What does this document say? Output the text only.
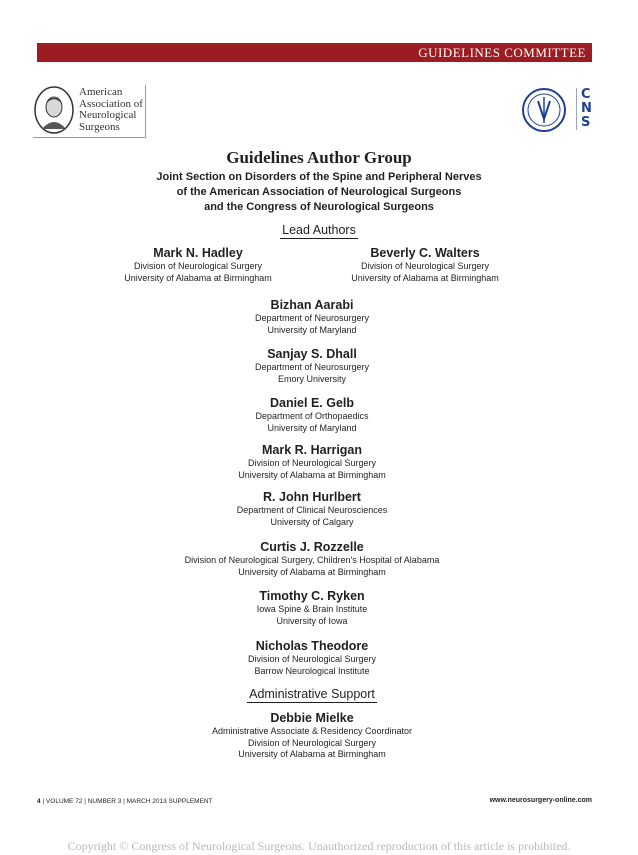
GUIDELINES COMMITTEE
American
Association of
Neurological
Surgeons
C
N
S
Guidelines Author Group
Joint Section on Disorders of the Spine and Peripheral Nerves
of the American Association of Neurological Surgeons
and the Congress of Neurological Surgeons
Lead Authors
Mark N. Hadley
Division of Neurological Surgery
University of Alabama at Birmingham
Beverly C. Walters
Division of Neurological Surgery
University of Alabama at Birmingham
Bizhan Aarabi
Department of Neurosurgery
University of Maryland
Sanjay S. Dhall
Department of Neurosurgery
Emory University
Daniel E. Gelb
Department of Orthopaedics
University of Maryland
Mark R. Harrigan
Division of Neurological Surgery
University of Alabama at Birmingham
R. John Hurlbert
Department of Clinical Neurosciences
University of Calgary
Curtis J. Rozzelle
Division of Neurological Surgery, Children's Hospital of Alabama
University of Alabama at Birmingham
Timothy C. Ryken
Iowa Spine & Brain Institute
University of Iowa
Nicholas Theodore
Division of Neurological Surgery
Barrow Neurological Institute
Administrative Support
Debbie Mielke
Administrative Associate & Residency Coordinator
Division of Neurological Surgery
University of Alabama at Birmingham
4 | VOLUME 72 | NUMBER 3 | MARCH 2013 SUPPLEMENT	www.neurosurgery-online.com
Copyright © Congress of Neurological Surgeons. Unauthorized reproduction of this article is prohibited.
